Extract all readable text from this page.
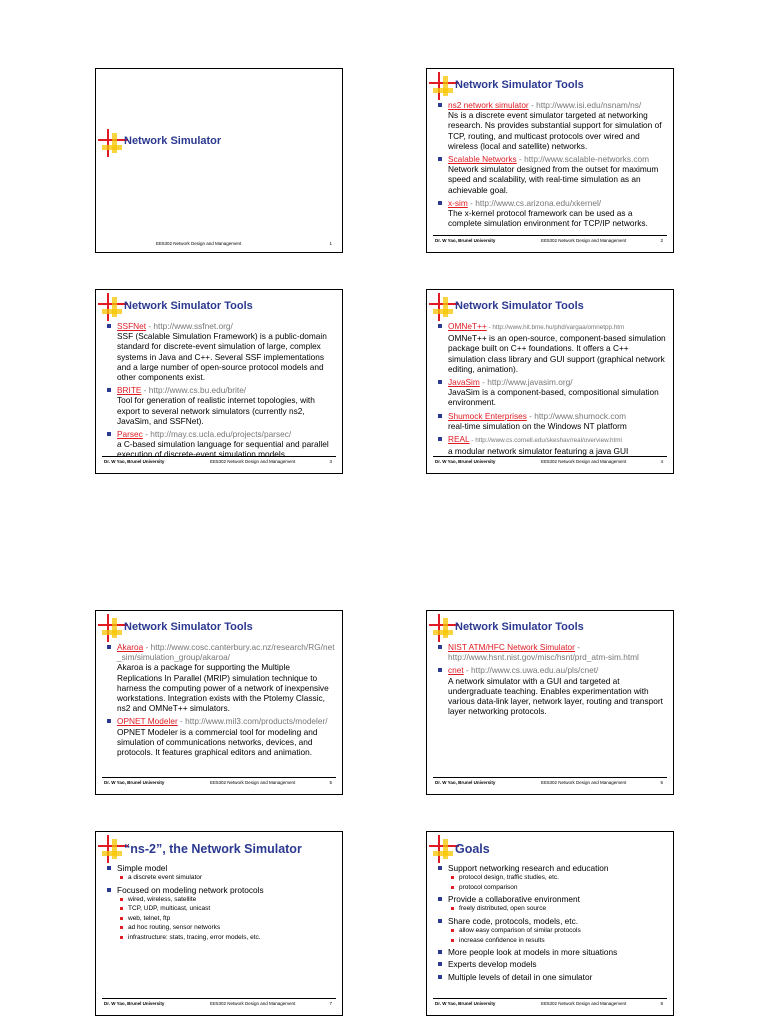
Network Simulator
EE5302 Network Design and Management	1
Network Simulator Tools
ns2 network simulator - http://www.isi.edu/nsnam/ns/
Ns is a discrete event simulator targeted at networking research. Ns provides substantial support for simulation of TCP, routing, and multicast protocols over wired and wireless (local and satellite) networks.
Scalable Networks - http://www.scalable-networks.com
Network simulator designed from the outset for maximum speed and scalability, with real-time simulation as an achievable goal.
x-sim - http://www.cs.arizona.edu/xkernel/
The x-kernel protocol framework can be used as a complete simulation environment for TCP/IP networks.
Dr. W Yao, Brunel University	EE5302 Network Design and Management	2
Network Simulator Tools
SSFNet - http://www.ssfnet.org/
SSF (Scalable Simulation Framework) is a public-domain standard for discrete-event simulation of large, complex systems in Java and C++. Several SSF implementations and a large number of open-source protocol models and other components exist.
BRITE - http://www.cs.bu.edu/brite/
Tool for generation of realistic internet topologies, with export to several network simulators (currently ns2, JavaSim, and SSFNet).
Parsec - http://may.cs.ucla.edu/projects/parsec/
a C-based simulation language for sequential and parallel execution of discrete-event simulation models
Dr. W Yao, Brunel University	EE5302 Network Design and Management	3
Network Simulator Tools
OMNeT++ - http://www.hit.bme.hu/phd/vargaa/omnetpp.htm
OMNeT++ is an open-source, component-based simulation package built on C++ foundations. It offers a C++ simulation class library and GUI support (graphical network editing, animation).
JavaSim - http://www.javasim.org/
JavaSim is a component-based, compositional simulation environment.
Shumock Enterprises - http://www.shumock.com
real-time simulation on the Windows NT platform
REAL - http://www.cs.cornell.edu/skeshav/real/overview.html
a modular network simulator featuring a java GUI
Dr. W Yao, Brunel University	EE5302 Network Design and Management	4
Network Simulator Tools
Akaroa - http://www.cosc.canterbury.ac.nz/research/RG/net_sim/simulation_group/akaroa/
Akaroa is a package for supporting the Multiple Replications In Parallel (MRIP) simulation technique to harness the computing power of a network of inexpensive workstations. Integration exists with the Ptolemy Classic, ns2 and OMNeT++ simulators.
OPNET Modeler - http://www.mil3.com/products/modeler/
OPNET Modeler is a commercial tool for modeling and simulation of communications networks, devices, and protocols. It features graphical editors and animation.
Dr. W Yao, Brunel University	EE5302 Network Design and Management	5
Network Simulator Tools
NIST ATM/HFC Network Simulator - http://www.hsnt.nist.gov/misc/hsnt/prd_atm-sim.html
cnet - http://www.cs.uwa.edu.au/pls/cnet/
A network simulator with a GUI and targeted at undergraduate teaching. Enables experimentation with various data-link layer, network layer, routing and transport layer networking protocols.
Dr. W Yao, Brunel University	EE5302 Network Design and Management	6
“ns-2”, the Network Simulator
Simple model
a discrete event simulator
Focused on modeling network protocols
wired, wireless, satellite
TCP, UDP, multicast, unicast
web, telnet, ftp
ad hoc routing, sensor networks
infrastructure: stats, tracing, error models, etc.
Dr. W Yao, Brunel University	EE5302 Network Design and Management	7
Goals
Support networking research and education
protocol design, traffic studies, etc.
protocol comparison
Provide a collaborative environment
freely distributed, open source
Share code, protocols, models, etc.
allow easy comparison of similar protocols
increase confidence in results
More people look at models in more situations
Experts develop models
Multiple levels of detail in one simulator
Dr. W Yao, Brunel University	EE5302 Network Design and Management	8
